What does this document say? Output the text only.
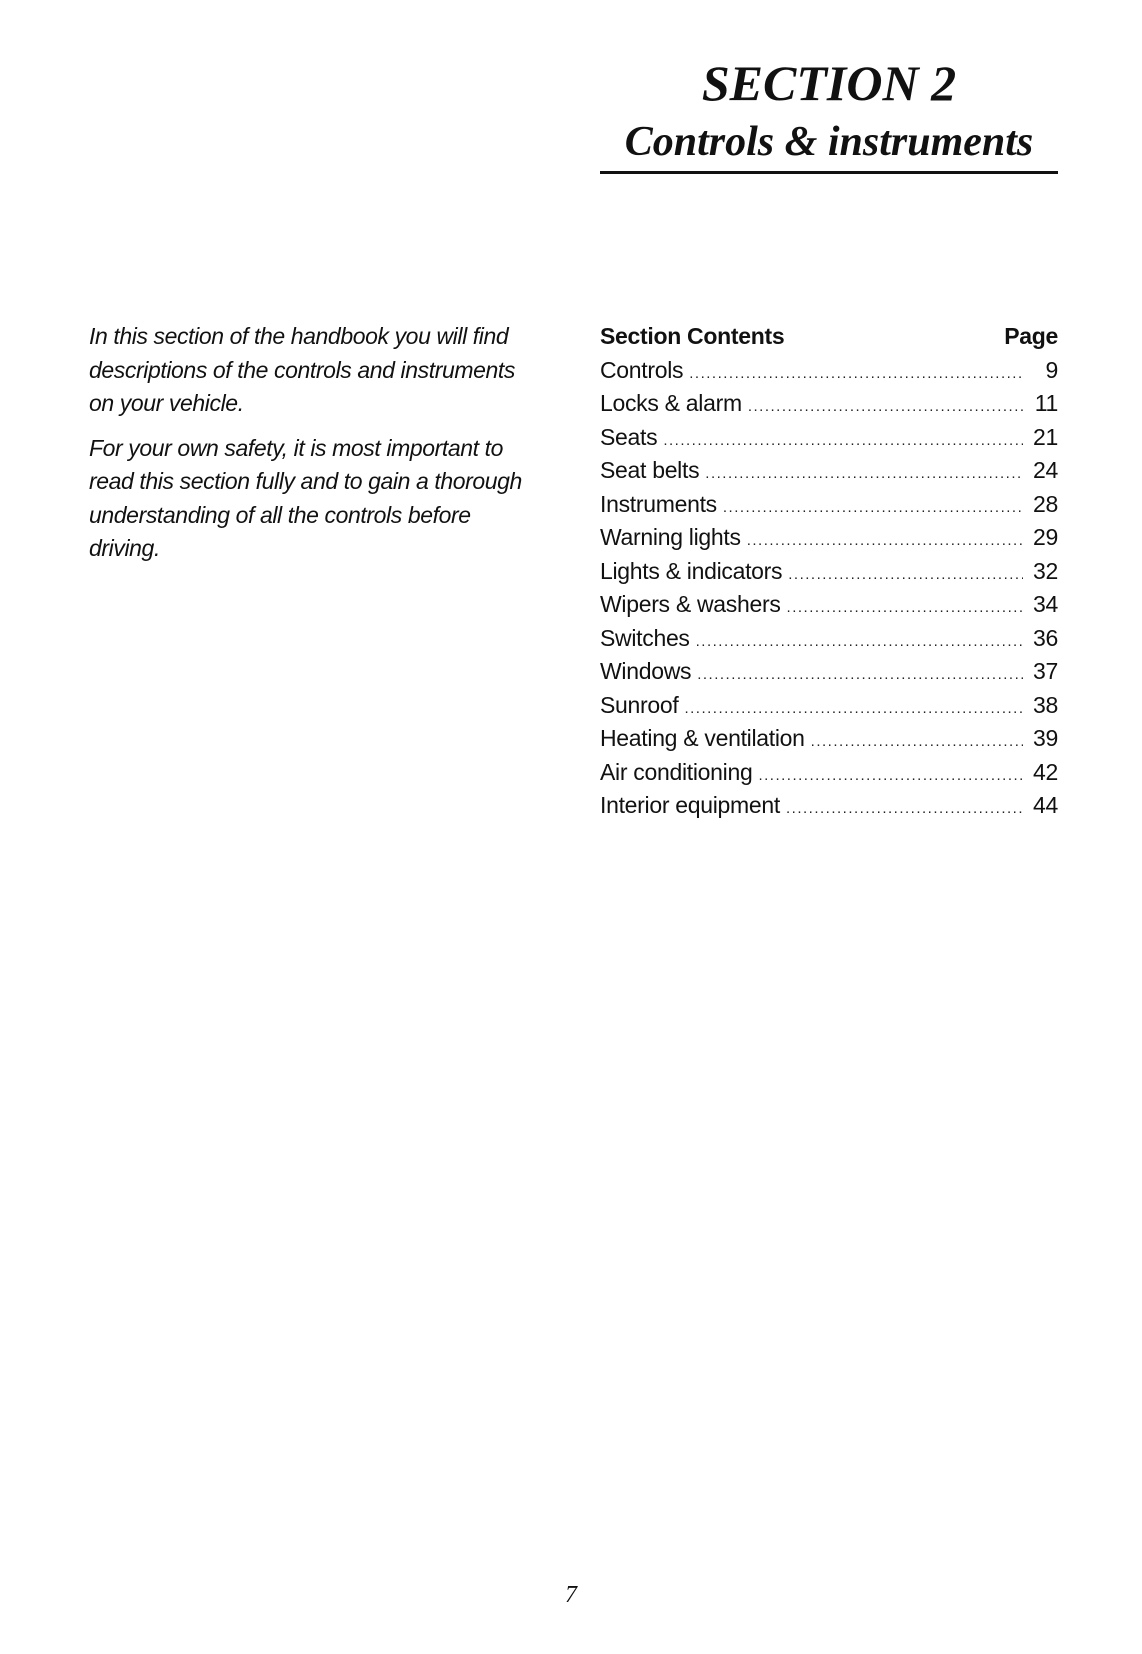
SECTION 2
Controls & instruments

In this section of the handbook you will find descriptions of the controls and instruments on your vehicle.

For your own safety, it is most important to read this section fully and to gain a thorough understanding of all the controls before driving.

Section Contents	Page
Controls .....	9
Locks & alarm .....	11
Seats .....	21
Seat belts .....	24
Instruments .....	28
Warning lights .....	29
Lights & indicators .....	32
Wipers & washers .....	34
Switches .....	36
Windows .....	37
Sunroof .....	38
Heating & ventilation .....	39
Air conditioning .....	42
Interior equipment .....	44
7
